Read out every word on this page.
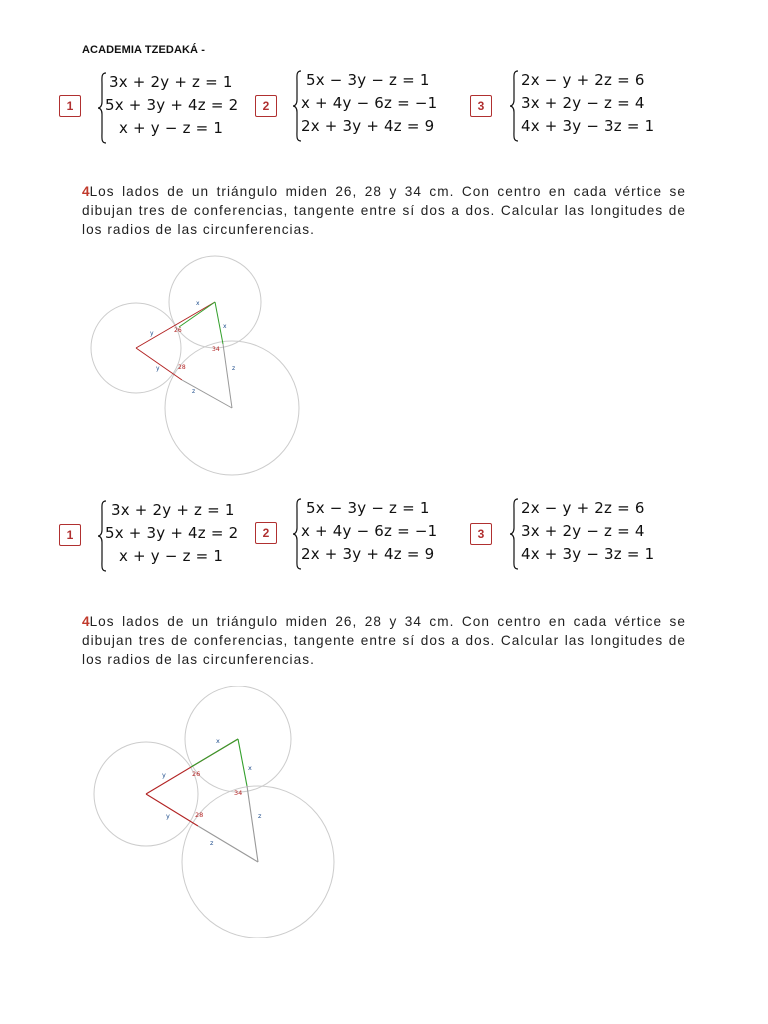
ACADEMIA TZEDAKÁ -
1
3x + 2y + z = 1
5x + 3y + 4z = 2
x + y − z = 1
2
5x − 3y − z = 1
x + 4y − 6z = −1
2x + 3y + 4z = 9
3
2x − y + 2z = 6
3x + 2y − z = 4
4x + 3y − 3z = 1
4Los lados de un triángulo miden 26, 28 y 34 cm. Con centro en cada vértice se dibujan tres de conferencias, tangente entre sí dos a dos. Calcular las longitudes de los radios de las circunferencias.
x
x
y
y	z
z
26
28
34
1
3x + 2y + z = 1
5x + 3y + 4z = 2
x + y − z = 1
2
5x − 3y − z = 1
x + 4y − 6z = −1
2x + 3y + 4z = 9
3
2x − y + 2z = 6
3x + 2y − z = 4
4x + 3y − 3z = 1
4Los lados de un triángulo miden 26, 28 y 34 cm. Con centro en cada vértice se dibujan tres de conferencias, tangente entre sí dos a dos. Calcular las longitudes de los radios de las circunferencias.
x
x
y
y	z
z
26
28
34
